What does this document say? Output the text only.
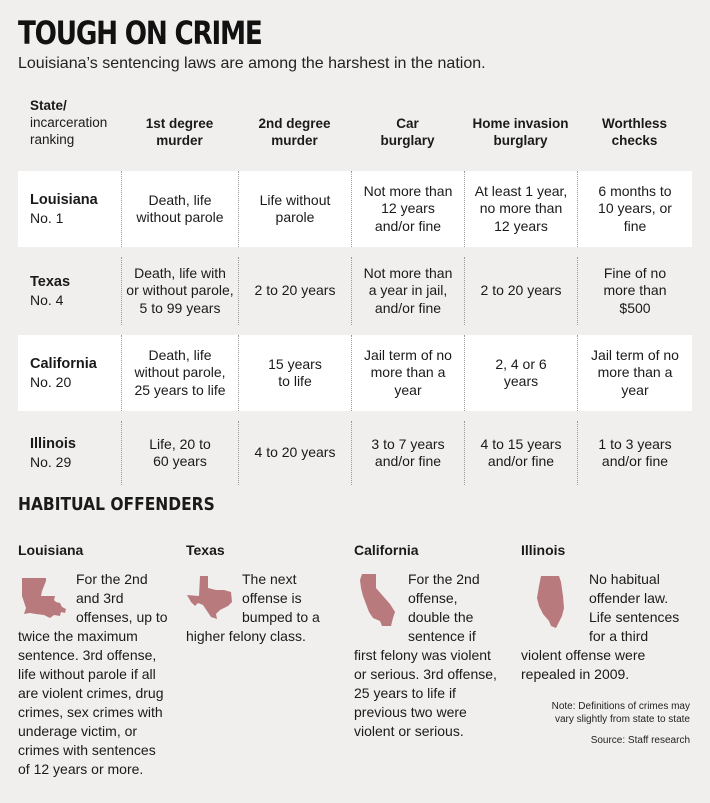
TOUGH ON CRIME
Louisiana’s sentencing laws are among the harshest in the nation.
State/
incarceration
ranking
1st degree murder
2nd degree murder
Car burglary
Home invasion burglary
Worthless checks
Louisiana
No. 1
Death, life without parole
Life without parole
Not more than 12 years and/or fine
At least 1 year, no more than 12 years
6 months to 10 years, or fine
Texas
No. 4
Death, life with or without parole, 5 to 99 years
2 to 20 years
Not more than a year in jail, and/or fine
2 to 20 years
Fine of no more than $500
California
No. 20
Death, life without parole, 25 years to life
15 years to life
Jail term of no more than a year
2, 4 or 6 years
Jail term of no more than a year
Illinois
No. 29
Life, 20 to 60 years
4 to 20 years
3 to 7 years and/or fine
4 to 15 years and/or fine
1 to 3 years and/or fine
HABITUAL OFFENDERS
Louisiana
For the 2nd and 3rd offenses, up to twice the maximum sentence. 3rd offense, life without parole if all are violent crimes, drug crimes, sex crimes with underage victim, or crimes with sentences of 12 years or more.
Texas
The next offense is bumped to a higher felony class.
California
For the 2nd offense, double the sentence if first felony was violent or serious. 3rd offense, 25 years to life if previous two were violent or serious.
Illinois
No habitual offender law. Life sentences for a third violent offense were repealed in 2009.
Note: Definitions of crimes may vary slightly from state to state
Source: Staff research
